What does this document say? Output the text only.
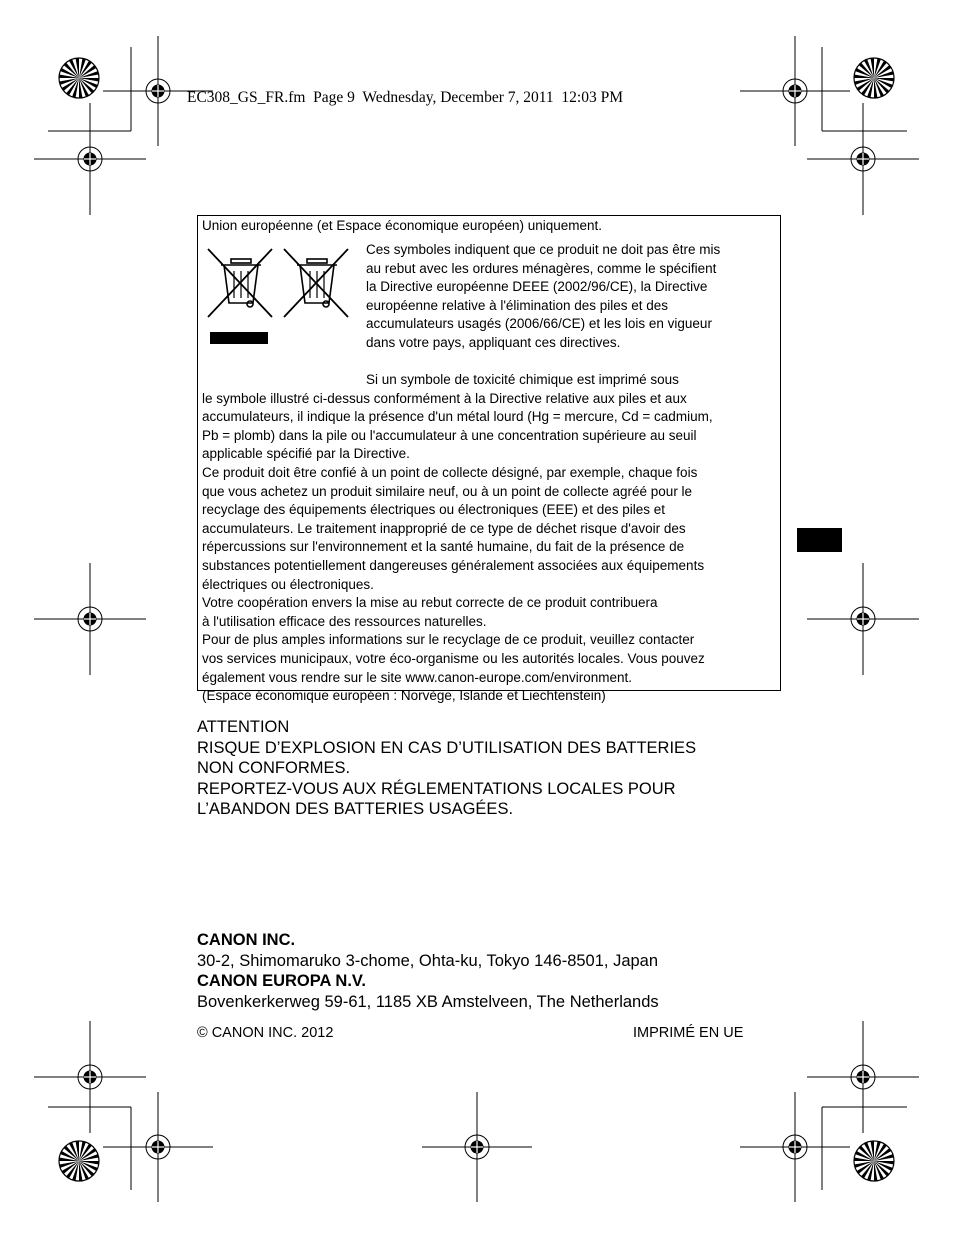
EC308_GS_FR.fm  Page 9  Wednesday, December 7, 2011  12:03 PM
Union européenne (et Espace économique européen) uniquement.
Ces symboles indiquent que ce produit ne doit pas être mis
au rebut avec les ordures ménagères, comme le spécifient
la Directive européenne DEEE (2002/96/CE), la Directive
européenne relative à l'élimination des piles et des
accumulateurs usagés (2006/66/CE) et les lois en vigueur
dans votre pays, appliquant ces directives.
Si un symbole de toxicité chimique est imprimé sous
le symbole illustré ci-dessus conformément à la Directive relative aux piles et aux
accumulateurs, il indique la présence d'un métal lourd (Hg = mercure, Cd = cadmium,
Pb = plomb) dans la pile ou l'accumulateur à une concentration supérieure au seuil
applicable spécifié par la Directive.
Ce produit doit être confié à un point de collecte désigné, par exemple, chaque fois
que vous achetez un produit similaire neuf, ou à un point de collecte agréé pour le
recyclage des équipements électriques ou électroniques (EEE) et des piles et
accumulateurs. Le traitement inapproprié de ce type de déchet risque d'avoir des
répercussions sur l'environnement et la santé humaine, du fait de la présence de
substances potentiellement dangereuses généralement associées aux équipements
électriques ou électroniques.
Votre coopération envers la mise au rebut correcte de ce produit contribuera
à l'utilisation efficace des ressources naturelles.
Pour de plus amples informations sur le recyclage de ce produit, veuillez contacter
vos services municipaux, votre éco-organisme ou les autorités locales. Vous pouvez
également vous rendre sur le site www.canon-europe.com/environment.
(Espace économique européen : Norvège, Islande et Liechtenstein)
ATTENTION
RISQUE D’EXPLOSION EN CAS D’UTILISATION DES BATTERIES
NON CONFORMES.
REPORTEZ-VOUS AUX RÉGLEMENTATIONS LOCALES POUR
L’ABANDON DES BATTERIES USAGÉES.
CANON INC.
30-2, Shimomaruko 3-chome, Ohta-ku, Tokyo 146-8501, Japan
CANON EUROPA N.V.
Bovenkerkerweg 59-61, 1185 XB Amstelveen, The Netherlands
© CANON INC. 2012	IMPRIMÉ EN UE
